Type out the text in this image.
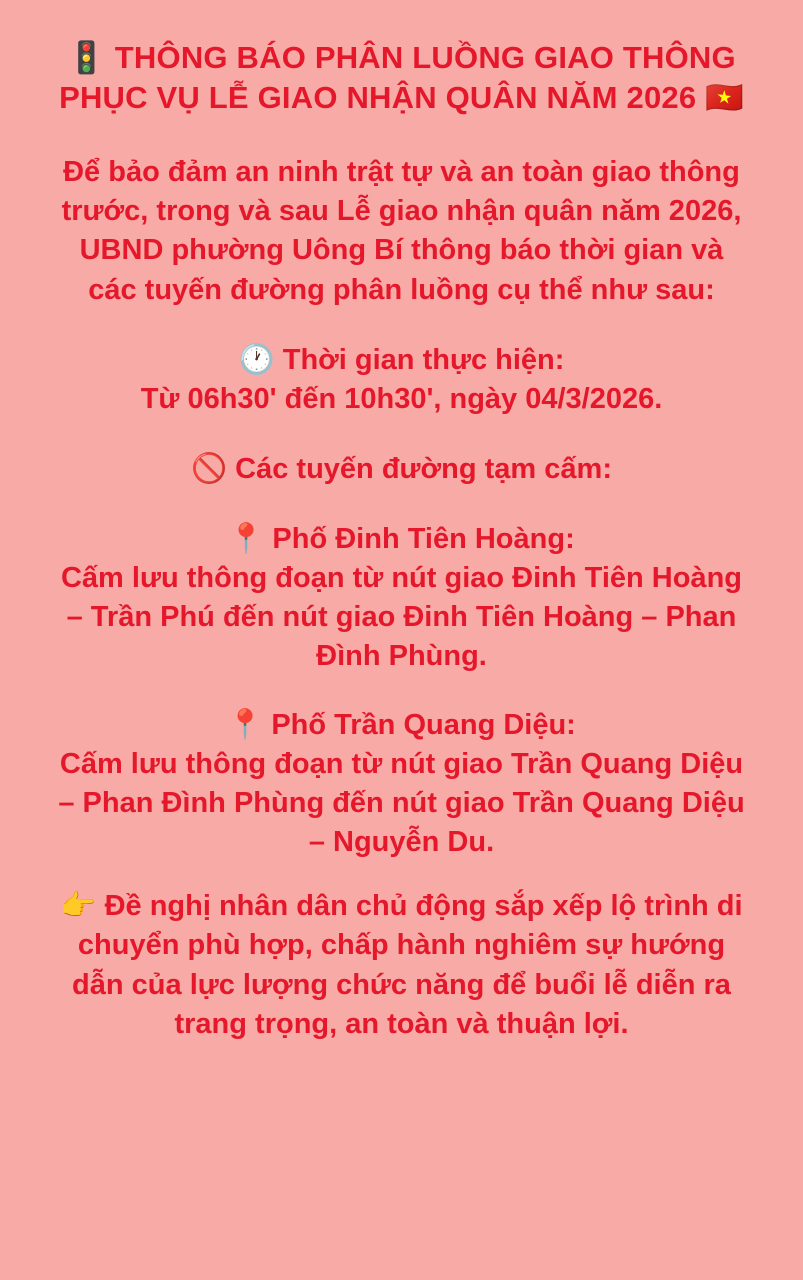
🚦 THÔNG BÁO PHÂN LUỒNG GIAO THÔNG PHỤC VỤ LỄ GIAO NHẬN QUÂN NĂM 2026 🇻🇳

Để bảo đảm an ninh trật tự và an toàn giao thông trước, trong và sau Lễ giao nhận quân năm 2026, UBND phường Uông Bí thông báo thời gian và các tuyến đường phân luồng cụ thể như sau:

🕐 Thời gian thực hiện:

Từ 06h30' đến 10h30', ngày 04/3/2026.

🚫 Các tuyến đường tạm cấm:

📍 Phố Đinh Tiên Hoàng:

Cấm lưu thông đoạn từ nút giao Đinh Tiên Hoàng – Trần Phú đến nút giao Đinh Tiên Hoàng – Phan Đình Phùng.

📍 Phố Trần Quang Diệu:

Cấm lưu thông đoạn từ nút giao Trần Quang Diệu – Phan Đình Phùng đến nút giao Trần Quang Diệu – Nguyễn Du.

👉 Đề nghị nhân dân chủ động sắp xếp lộ trình di chuyển phù hợp, chấp hành nghiêm sự hướng dẫn của lực lượng chức năng để buổi lễ diễn ra trang trọng, an toàn và thuận lợi.
